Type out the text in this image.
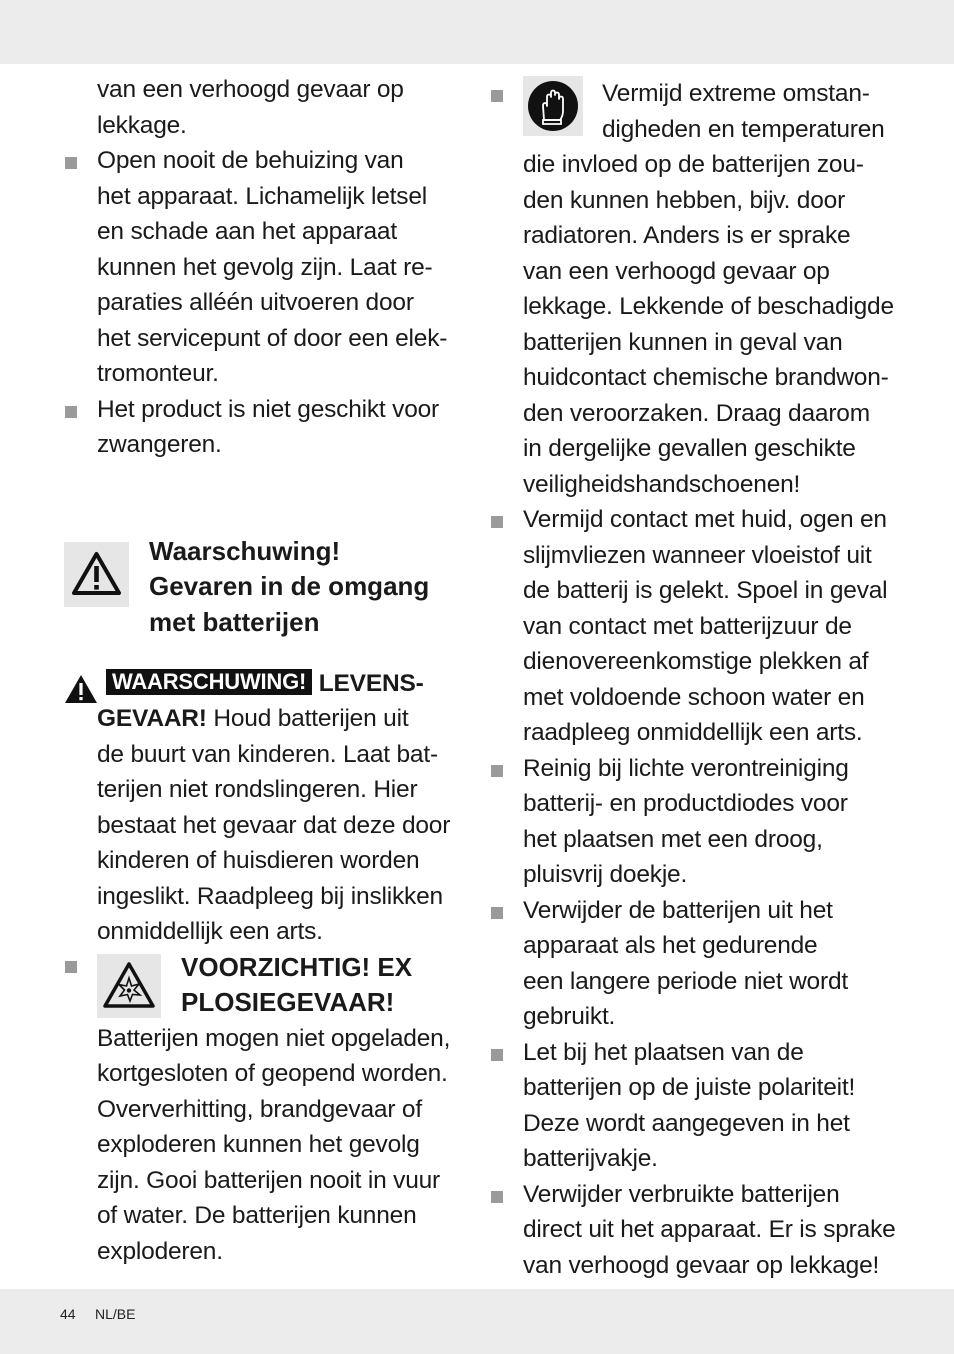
van een verhoogd gevaar op
lekkage.
Open nooit de behuizing van
het apparaat. Lichamelijk letsel
en schade aan het apparaat
kunnen het gevolg zijn. Laat re-
paraties alléén uitvoeren door
het servicepunt of door een elek-
tromonteur.
Het product is niet geschikt voor
zwangeren.
Waarschuwing!
Gevaren in de omgang
met batterijen
WAARSCHUWING! LEVENS-
GEVAAR! Houd batterijen uit
de buurt van kinderen. Laat bat-
terijen niet rondslingeren. Hier
bestaat het gevaar dat deze door
kinderen of huisdieren worden
ingeslikt. Raadpleeg bij inslikken
onmiddellijk een arts.
VOORZICHTIG! EX
PLOSIEGEVAAR!
Batterijen mogen niet opgeladen,
kortgesloten of geopend worden.
Oververhitting, brandgevaar of
exploderen kunnen het gevolg
zijn. Gooi batterijen nooit in vuur
of water. De batterijen kunnen
exploderen.
Vermijd extreme omstan-
digheden en temperaturen
die invloed op de batterijen zou-
den kunnen hebben, bijv. door
radiatoren. Anders is er sprake
van een verhoogd gevaar op
lekkage. Lekkende of beschadigde
batterijen kunnen in geval van
huidcontact chemische brandwon-
den veroorzaken. Draag daarom
in dergelijke gevallen geschikte
veiligheidshandschoenen!
Vermijd contact met huid, ogen en
slijmvliezen wanneer vloeistof uit
de batterij is gelekt. Spoel in geval
van contact met batterijzuur de
dienovereenkomstige plekken af
met voldoende schoon water en
raadpleeg onmiddellijk een arts.
Reinig bij lichte verontreiniging
batterij- en productdiodes voor
het plaatsen met een droog,
pluisvrij doekje.
Verwijder de batterijen uit het
apparaat als het gedurende
een langere periode niet wordt
gebruikt.
Let bij het plaatsen van de
batterijen op de juiste polariteit!
Deze wordt aangegeven in het
batterijvakje.
Verwijder verbruikte batterijen
direct uit het apparaat. Er is sprake
van verhoogd gevaar op lekkage!
44 NL/BE
